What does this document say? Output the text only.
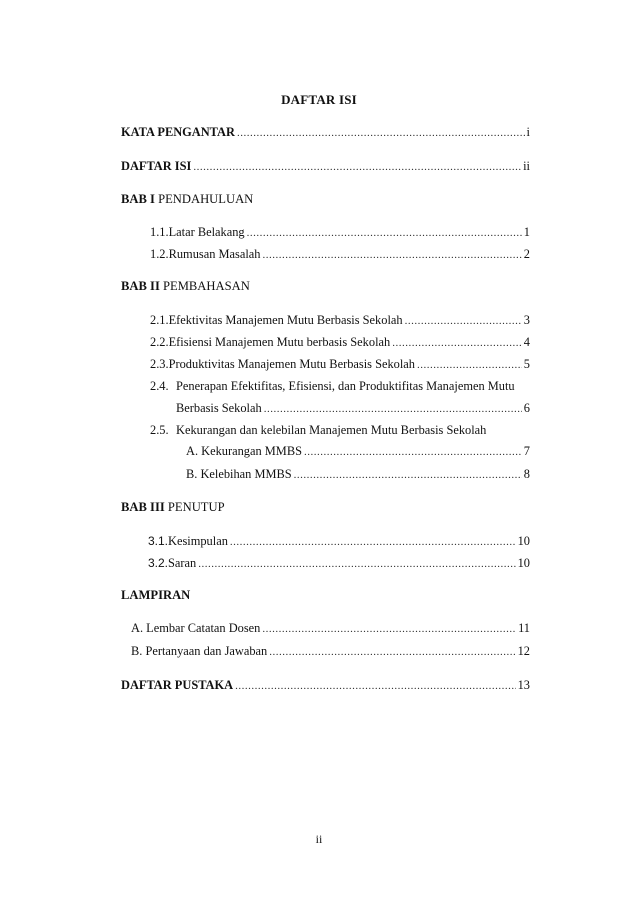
DAFTAR ISI
KATA PENGANTAR .....	i
DAFTAR ISI .....	ii
BAB I PENDAHULUAN
1.1. Latar Belakang .....	1
1.2. Rumusan Masalah .....	2
BAB II PEMBAHASAN
2.1. Efektivitas Manajemen Mutu Berbasis Sekolah .....	3
2.2. Efisiensi Manajemen Mutu berbasis Sekolah .....	4
2.3. Produktivitas Manajemen Mutu Berbasis Sekolah .....	5
2.4. Penerapan Efektifitas, Efisiensi, dan Produktifitas Manajemen Mutu
Berbasis Sekolah .....	6
2.5. Kekurangan dan kelebilan Manajemen Mutu Berbasis Sekolah
A. Kekurangan MMBS .....	7
B. Kelebihan MMBS .....	8
BAB III PENUTUP
3.1. Kesimpulan .....	10
3.2. Saran .....	10
LAMPIRAN
A. Lembar Catatan Dosen .....	11
B. Pertanyaan dan Jawaban .....	12
DAFTAR PUSTAKA .....	13
ii
